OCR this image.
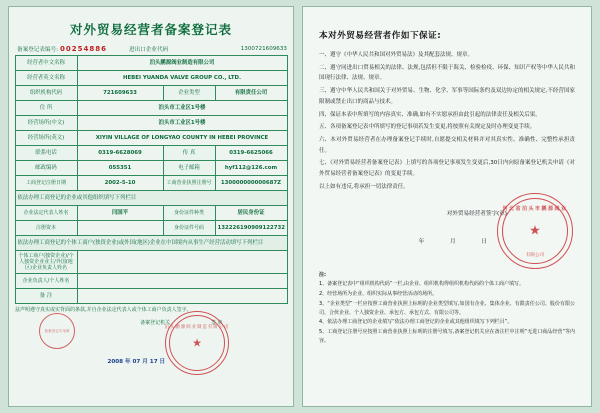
对外贸易经营者备案登记表
备案登记表编号: 00254886	进出口企业代码	1300721609633
经营者中文名称	泊头鹏源阀业制造有限公司		
经营者英文名称	HEBEI YUANDA VALVE GROUP CO., LTD.		
组织机构代码	721609633	企业类型	有限责任公司
住 所	泊头市工业区1号楼		
经营场所(中文)	泊头市工业区1号楼		
经营场所(英文)	XIYIN VILLAGE OF LONGYAO COUNTY IN HEBEI PROVINCE		
联系电话	0319-6628069	传 真	0319-6625066
邮政编码	055351	电子邮箱	hyf112@126.com
工商登记注册日期	2002-5-10	工商营业执照注册号	130000000000687Z
依法办理工商登记的企业或其他组织填写下列栏目			
企业法定代表人姓名	闫国平	身份证件种类	居民身份证
注册资本		身份证件号码	132226190909122732
依法办理工商登记的个体工商户(独资企业)或外国(地区)企业在中国境内从事生产经营活动填写下列栏目			
个体工商户(独资企业)/个人独资企业业主/外国(地区)企业负责人姓名			
企业负责人/个人姓名			
备 注			
兹声明遵守真实或实背面的条款,并自企业法定代表人或个体工商户负责人签字。
备案登记机关	签 章
备案登记专用章
泊头鹏源阀业制造有限公司
★
2008 年 07 月 17 日
本对外贸易经营者作如下保证:

一、遵守《中华人民共和国对外贸易法》及其配套法规、规章。

二、遵守同进出口贸易相关的法律、法规,包括但不限于海关、检验检疫、环保、知识产权等中华人民共和国现行法律、法规、规章。

三、遵守中华人民共和国关于对外贸易、生物、化学、军事等国际条约及双边协定的相关规定,不经营国家限制或禁止出口的商品与技术。

四、保证本表中所填写的内容真实、准确,如有不实愿承担由此引起的法律责任及相关后果。

五、各项备案登记表中所填写的登记事项若发生变更,将按照有关规定及时办理变更手续。

六、本对外贸易经营者在办理备案登记手续时,自愿提交相关材料并对其真实性、准确性、完整性承担责任。

七、《对外贸易经营者备案登记表》上填写的各项登记事项发生变更后,30日内向原备案登记机关申请《对外贸易经营者备案登记表》的变更手续。

以上如有违反,将承担一切法律责任。

对外贸易经营者签字(章)
年 月 日
河北省泊头市鹏源阀业
★
有限公司

注:

1、备案登记表中“组织机构代码”一栏,由企业、组织机构得组织机构代码的个体工商户填写。

2、经营场所为企业、组织实际从事经营活动的场所。

3、“企业类型”一栏应按照工商营业执照上标明的企业类型填写,如国有企业、集体企业、有限责任公司、股份有限公司、合伙企业、个人独资企业、承包方、承包方式、有限公司等。

4、依法办理工商登记的企业填写“依法办理工商登记的企业或其他组织填写下列栏目”。

5、工商登记注册号应按照工商营业执照上标明的注册号填写,备案登记机关应在备注栏中注明“无进口商品经营”等内容。
